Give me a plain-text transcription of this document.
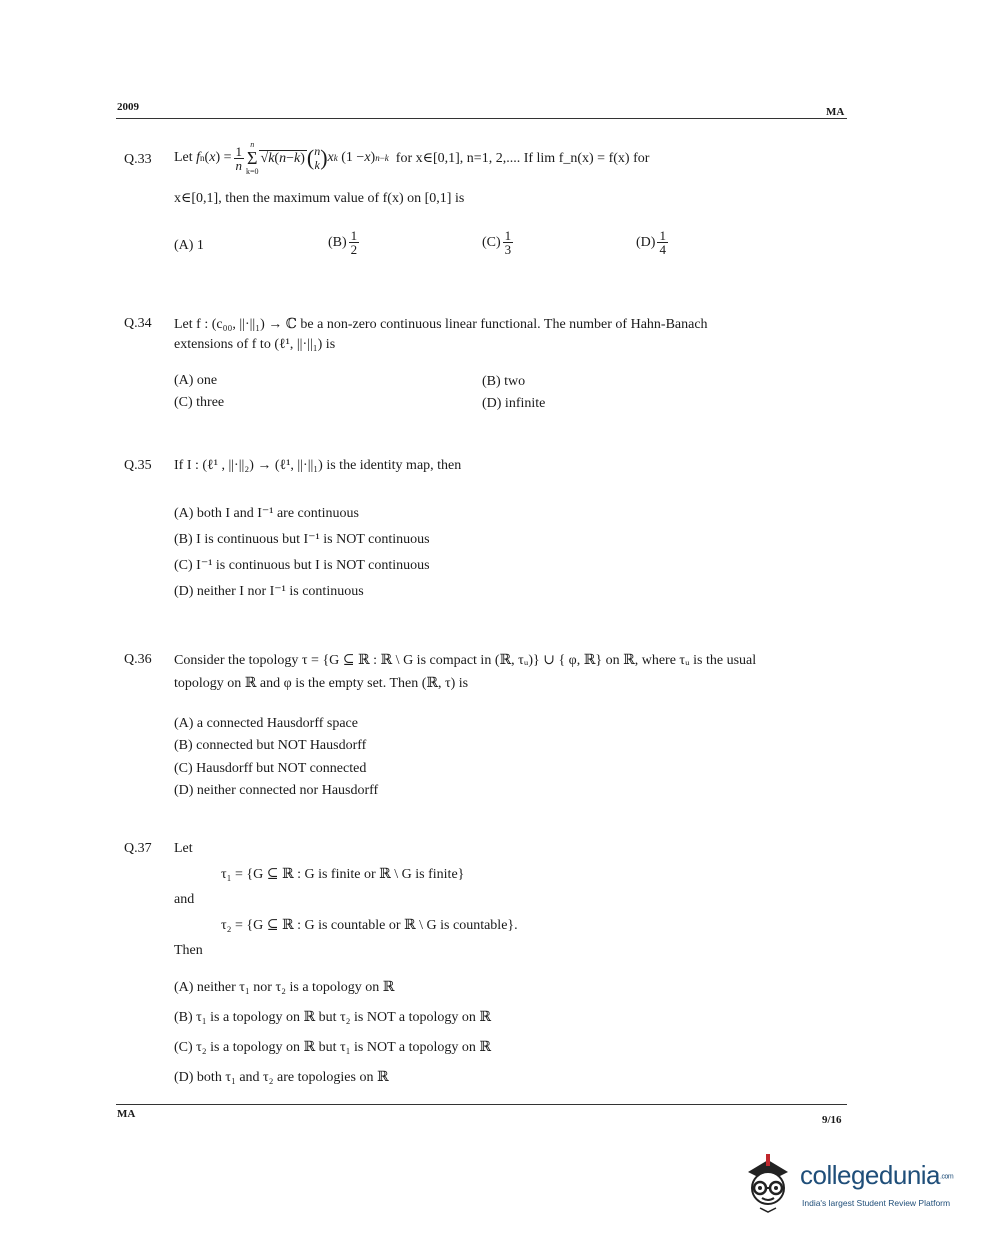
2009	MA
Q.33 Let
f n ( x ) = $\frac{1}{n}$ n
Σ
k=0
√k(n−k) ( n
k ) x k (1 − x ) n−k
for x∈[0,1], n=1, 2,.... If lim f_n(x) = f(x) for
x∈[0,1], then the maximum value of f(x) on [0,1] is
(A) 1	$(B) \frac{1}{2}$	$(C) \frac{1}{3}$	$(D) \frac{1}{4}$
Q.34 Let f : (c₀₀, ||·||₁) → ℂ be a non-zero continuous linear functional. The number of Hahn-Banach
extensions of f to (ℓ¹, ||·||₁) is
(A) one	(B) two
(C) three	(D) infinite
Q.35 If I : (ℓ¹ , ||·||₂) → (ℓ¹, ||·||₁) is the identity map, then
(A) both I and I⁻¹ are continuous
(B) I is continuous but I⁻¹ is NOT continuous
(C) I⁻¹ is continuous but I is NOT continuous
(D) neither I nor I⁻¹ is continuous
Q.36 Consider the topology τ = {G ⊆ ℝ : ℝ \ G is compact in (ℝ, τᵤ)} ∪ { φ, ℝ} on ℝ, where τᵤ is the usual
topology on ℝ and φ is the empty set. Then (ℝ, τ) is
(A) a connected Hausdorff space
(B) connected but NOT Hausdorff
(C) Hausdorff but NOT connected
(D) neither connected nor Hausdorff
Q.37 Let
τ₁ = {G ⊆ ℝ : G is finite or ℝ \ G is finite}
and
τ₂ = {G ⊆ ℝ : G is countable or ℝ \ G is countable}.
Then
(A) neither τ₁ nor τ₂ is a topology on ℝ
(B) τ₁ is a topology on ℝ but τ₂ is NOT a topology on ℝ
(C) τ₂ is a topology on ℝ but τ₁ is NOT a topology on ℝ
(D) both τ₁ and τ₂ are topologies on ℝ
MA	9/16
collegedunia.com
India's largest Student Review Platform
